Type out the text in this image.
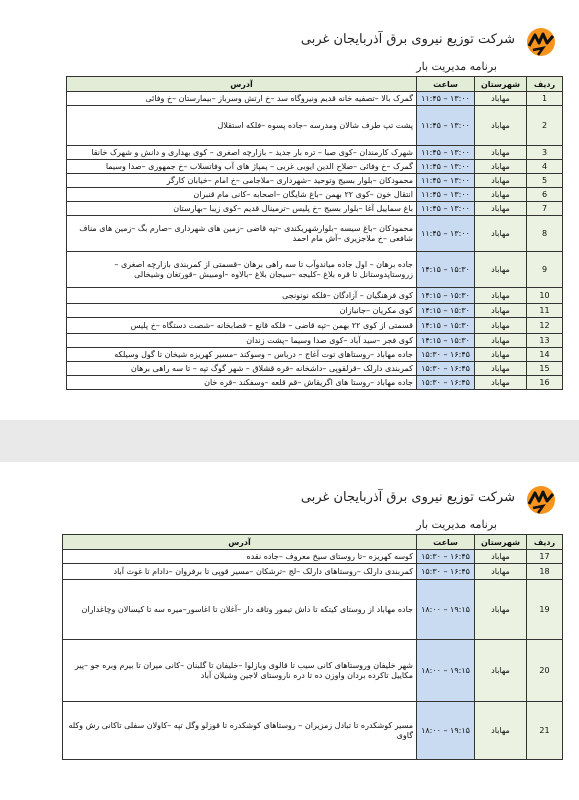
شرکت توزیع نیروی برق آذربایجان غربی
برنامه مدیریت بار
ردیف	شهرستان	ساعت	آدرس
1	مهاباد	۱۱:۴۵ – ۱۳:۰۰	گمرک بالا –تصفیه خانه قدیم ونیروگاه سد –خ ارتش وسرباز –بیمارستان –خ وفائی
2	مهاباد	۱۱:۴۵ – ۱۳:۰۰	پشت تپ طرف شالان ومدرسه –جاده پسوه –فلکه استقلال
3	مهاباد	۱۱:۴۵ – ۱۳:۰۰	شهرک کارمندان –کوی صبا – تره بار جدید – بازارچه اصغری – کوی بهداری و دانش و شهرک خانقا
4	مهاباد	۱۱:۴۵ – ۱۳:۰۰	گمرک –خ وفائی –صلاح الدین ایوبی غربی – پمپاژ های آب وفاتسلاب –خ جمهوری –صدا وسیما
5	مهاباد	۱۱:۴۵ – ۱۳:۰۰	محمودکان –بلوار بسیج وتوحید –شهرداری –ملاجامی –خ امام –خیابان کارگر
6	مهاباد	۱۱:۴۵ – ۱۳:۰۰	انتقال خون –کوی ۲۲ بهمن –باغ شایگان –اصحابه –کانی مام قنبران
7	مهاباد	۱۱:۴۵ – ۱۳:۰۰	باغ سماییل آغا –بلوار بسیج –خ پلیس –ترمینال قدیم –کوی زیبا –بهارستان
8	مهاباد	۱۱:۴۵ – ۱۳:۰۰	محمودکان –باغ سیسه –بلوارشهریکندی –تپه قاضی –زمین های شهرداری –صارم بگ –زمین های مناف شافعی –خ ملاجزیری –آش مام احمد
9	مهاباد	۱۴:۱۵ – ۱۵:۳۰	جاده برهان – اول جاده میاندوآب تا سه راهی برهان –قسمتی از کمربندی بازارچه اصغری –زروستاپدوستانل تا قره بلاغ –کلیجه –سیجان بلاغ –بالاوه –اومبیش –قورتغان وشیخالی
10	مهاباد	۱۴:۱۵ – ۱۵:۳۰	کوی فرهنگیان – آزادگان –فلکه نونونجی
11	مهاباد	۱۴:۱۵ – ۱۵:۳۰	کوی مکریان –جانبازان
12	مهاباد	۱۴:۱۵ – ۱۵:۳۰	قسمتی از کوی ۲۲ بهمن –تپه قاضی – فلکه قانع – قصابخانه –شصت دستگاه –خ پلیس
13	مهاباد	۱۴:۱۵ – ۱۵:۳۰	کوی فجر –سید آباد –کوی صدا وسیما –پشت زندان
14	مهاباد	۱۵:۳۰ – ۱۶:۴۵	جاده مهاباد –روستاهای توت آغاج – درباس – وسوکند –مسیر کهریزه شیخان تا گول وسیلکه
15	مهاباد	۱۵:۳۰ – ۱۶:۴۵	کمربندی دارلک –قرلقوپی –داشخانه –قره قشلاق – شهر گوگ تپه – تا سه راهی برهان
16	مهاباد	۱۵:۳۰ – ۱۶:۴۵	جاده مهاباد –روستا های اگریقاش –قم قلعه –وسفکند –قره خان
شرکت توزیع نیروی برق آذربایجان غربی
برنامه مدیریت بار
ردیف	شهرستان	ساعت	آدرس
17	مهاباد	۱۵:۳۰ – ۱۶:۴۵	کوسه کهریزه –تا روستای سیخ معروف –جاده نقده
18	مهاباد	۱۵:۳۰ – ۱۶:۴۵	کمربندی دارلک –روستاهای دارلک –لج –ترشکان –مسیر قوپی تا برفروان –دادام تا غوث آباد
19	مهاباد	۱۸:۰۰ – ۱۹:۱۵	جاده مهاباد از روستای کیتکه تا داش تیمور وتاقه دار –آغلان تا اغاسور–میره سه تا کیسالان وچاغداران
20	مهاباد	۱۸:۰۰ – ۱۹:۱۵	شهر خلیفان وروستاهای کانی سیب تا قالوی وبازلوا –خلیفان تا گلبنان –کانی میران تا بیرم وبره جو –پیر مکاییل تاکرده بردان واوزن ده تا دره ناروستای لاجین وشیلان آباد
21	مهاباد	۱۸:۰۰ – ۱۹:۱۵	مسیر کوشکدره تا تبادل زمزیران – روستاهای کوشکدره تا قوزلو وگل تپه –کاولان سفلی تاکانی رش وکله گاوی
